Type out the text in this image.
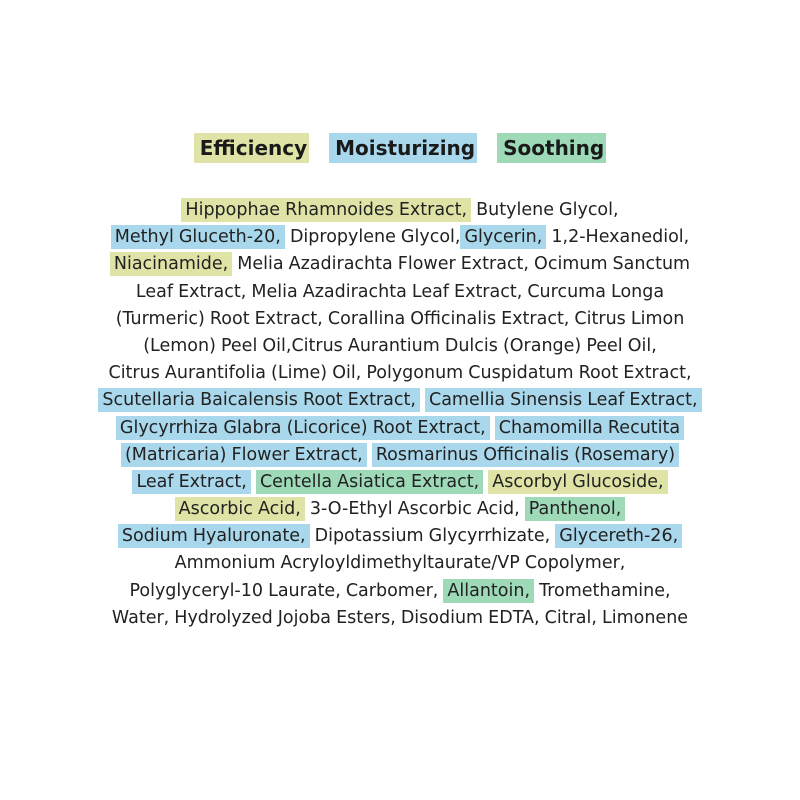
Efficiency Moisturizing Soothing
Hippophae Rhamnoides Extract, Butylene Glycol,
Methyl Gluceth-20, Dipropylene Glycol, Glycerin, 1,2-Hexanediol,
Niacinamide, Melia Azadirachta Flower Extract, Ocimum Sanctum
Leaf Extract, Melia Azadirachta Leaf Extract, Curcuma Longa
(Turmeric) Root Extract, Corallina Officinalis Extract, Citrus Limon
(Lemon) Peel Oil,Citrus Aurantium Dulcis (Orange) Peel Oil,
Citrus Aurantifolia (Lime) Oil, Polygonum Cuspidatum Root Extract,
Scutellaria Baicalensis Root Extract, Camellia Sinensis Leaf Extract,
Glycyrrhiza Glabra (Licorice) Root Extract, Chamomilla Recutita
(Matricaria) Flower Extract, Rosmarinus Officinalis (Rosemary)
Leaf Extract, Centella Asiatica Extract, Ascorbyl Glucoside,
Ascorbic Acid, 3-O-Ethyl Ascorbic Acid, Panthenol,
Sodium Hyaluronate, Dipotassium Glycyrrhizate, Glycereth-26,
Ammonium Acryloyldimethyltaurate/VP Copolymer,
Polyglyceryl-10 Laurate, Carbomer, Allantoin, Tromethamine,
Water, Hydrolyzed Jojoba Esters, Disodium EDTA, Citral, Limonene
